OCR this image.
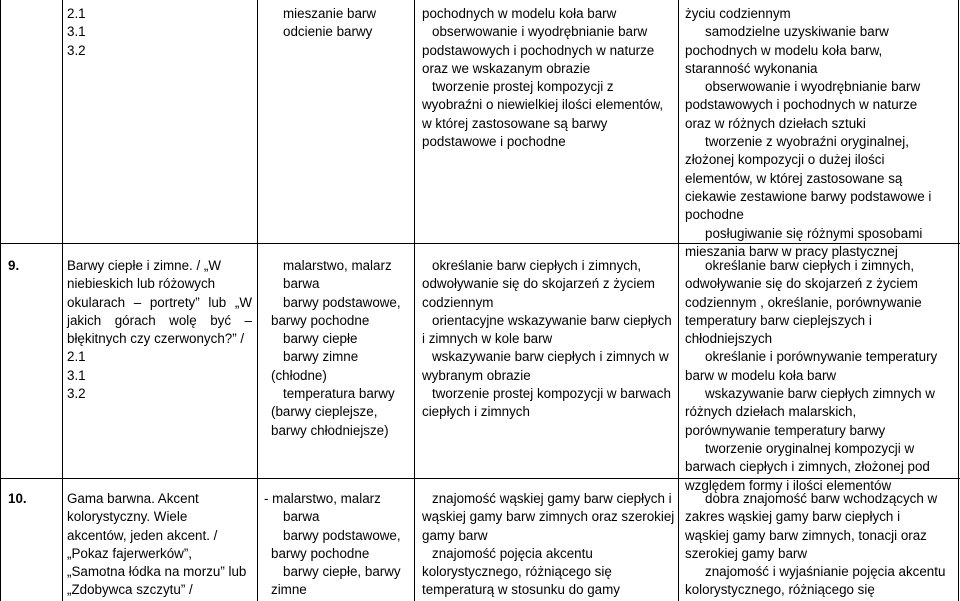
2.1
3.1
3.2
mieszanie barw
odcienie barwy
pochodnych w modelu koła barw
obserwowanie i wyodrębnianie barw
podstawowych i pochodnych w naturze
oraz we wskazanym obrazie
tworzenie prostej kompozycji z
wyobraźni o niewielkiej ilości elementów,
w której zastosowane są barwy
podstawowe i pochodne
życiu codziennym
samodzielne uzyskiwanie barw
pochodnych w modelu koła barw,
staranność wykonania
obserwowanie i wyodrębnianie barw
podstawowych i pochodnych w naturze
oraz w różnych dziełach sztuki
tworzenie z wyobraźni oryginalnej,
złożonej kompozycji o dużej ilości
elementów, w której zastosowane są
ciekawie zestawione barwy podstawowe i
pochodne
posługiwanie się różnymi sposobami
mieszania barw w pracy plastycznej
9.	Barwy ciepłe i zimne. / „W
niebieskich lub różowych
okularach – portrety” lub „W
jakich górach wolę być –
błękitnych czy czerwonych?” /
2.1
3.1
3.2
malarstwo, malarz
barwa
barwy podstawowe,
barwy pochodne
barwy ciepłe
barwy zimne
(chłodne)
temperatura barwy
(barwy cieplejsze,
barwy chłodniejsze)
określanie barw ciepłych i zimnych,
odwoływanie się do skojarzeń z życiem
codziennym
orientacyjne wskazywanie barw ciepłych
i zimnych w kole barw
wskazywanie barw ciepłych i zimnych w
wybranym obrazie
tworzenie prostej kompozycji w barwach
ciepłych i zimnych
określanie barw ciepłych i zimnych,
odwoływanie się do skojarzeń z życiem
codziennym , określanie, porównywanie
temperatury barw cieplejszych i
chłodniejszych
określanie i porównywanie temperatury
barw w modelu koła barw
wskazywanie barw ciepłych zimnych w
różnych dziełach malarskich,
porównywanie temperatury barwy
tworzenie oryginalnej kompozycji w
barwach ciepłych i zimnych, złożonej pod
względem formy i ilości elementów
10.	Gama barwna. Akcent
kolorystyczny. Wiele
akcentów, jeden akcent. /
„Pokaz fajerwerków”,
„Samotna łódka na morzu” lub
„Zdobywca szczytu” /
- malarstwo, malarz
barwa
barwy podstawowe,
barwy pochodne
barwy ciepłe, barwy
zimne
znajomość wąskiej gamy barw ciepłych i
wąskiej gamy barw zimnych oraz szerokiej
gamy barw
znajomość pojęcia akcentu
kolorystycznego, różniącego się
temperaturą w stosunku do gamy
dobra znajomość barw wchodzących w
zakres wąskiej gamy barw ciepłych i
wąskiej gamy barw zimnych, tonacji oraz
szerokiej gamy barw
znajomość i wyjaśnianie pojęcia akcentu
kolorystycznego, różniącego się
